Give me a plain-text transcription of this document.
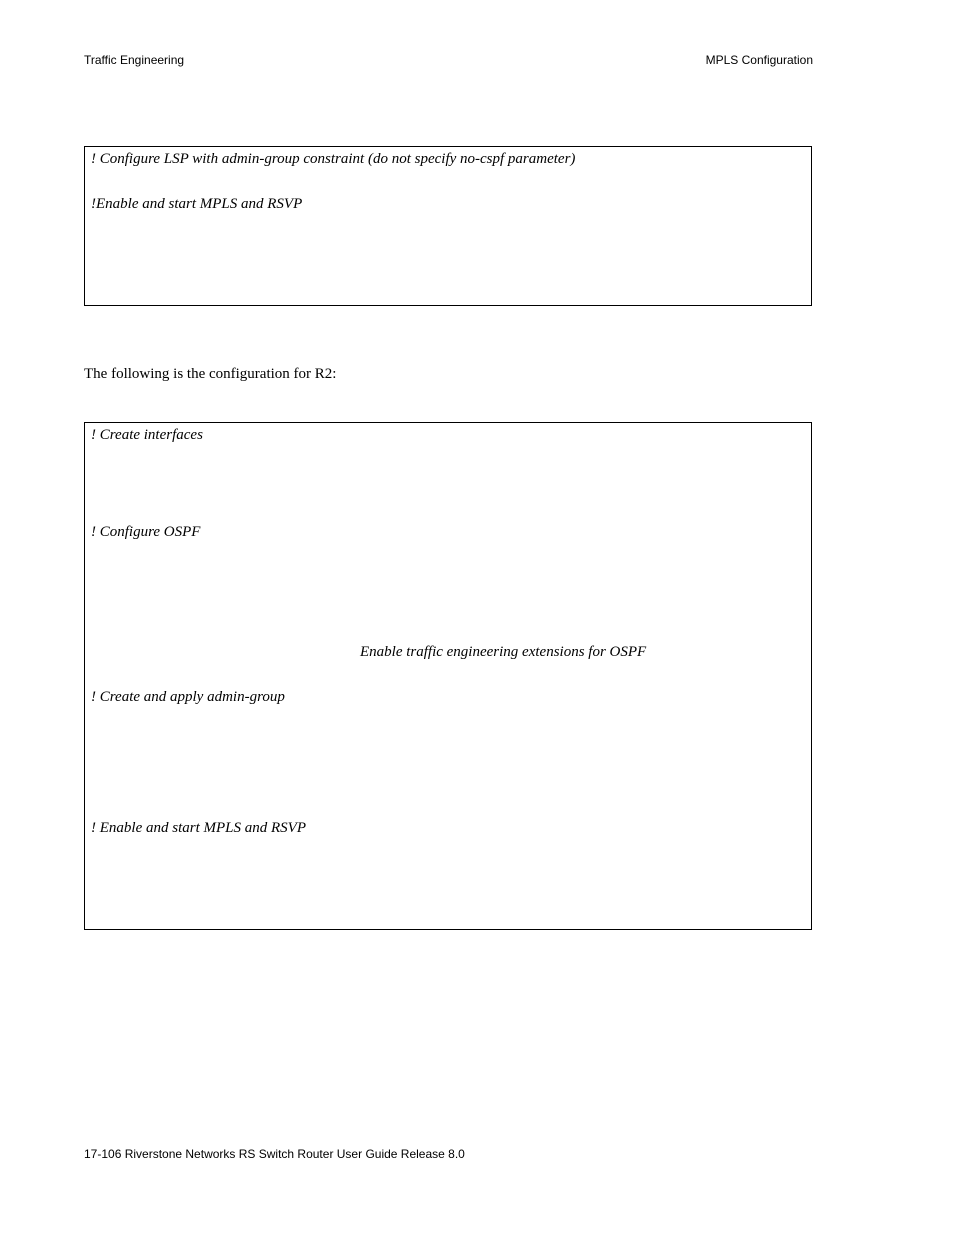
Traffic Engineering	MPLS Configuration
! Configure LSP with admin-group constraint (do not specify no-cspf parameter)
!Enable and start MPLS and RSVP
The following is the configuration for R2:
! Create interfaces
! Configure OSPF
Enable traffic engineering extensions for OSPF
! Create and apply admin-group
! Enable and start MPLS and RSVP
17-106 Riverstone Networks RS Switch Router User Guide Release 8.0
